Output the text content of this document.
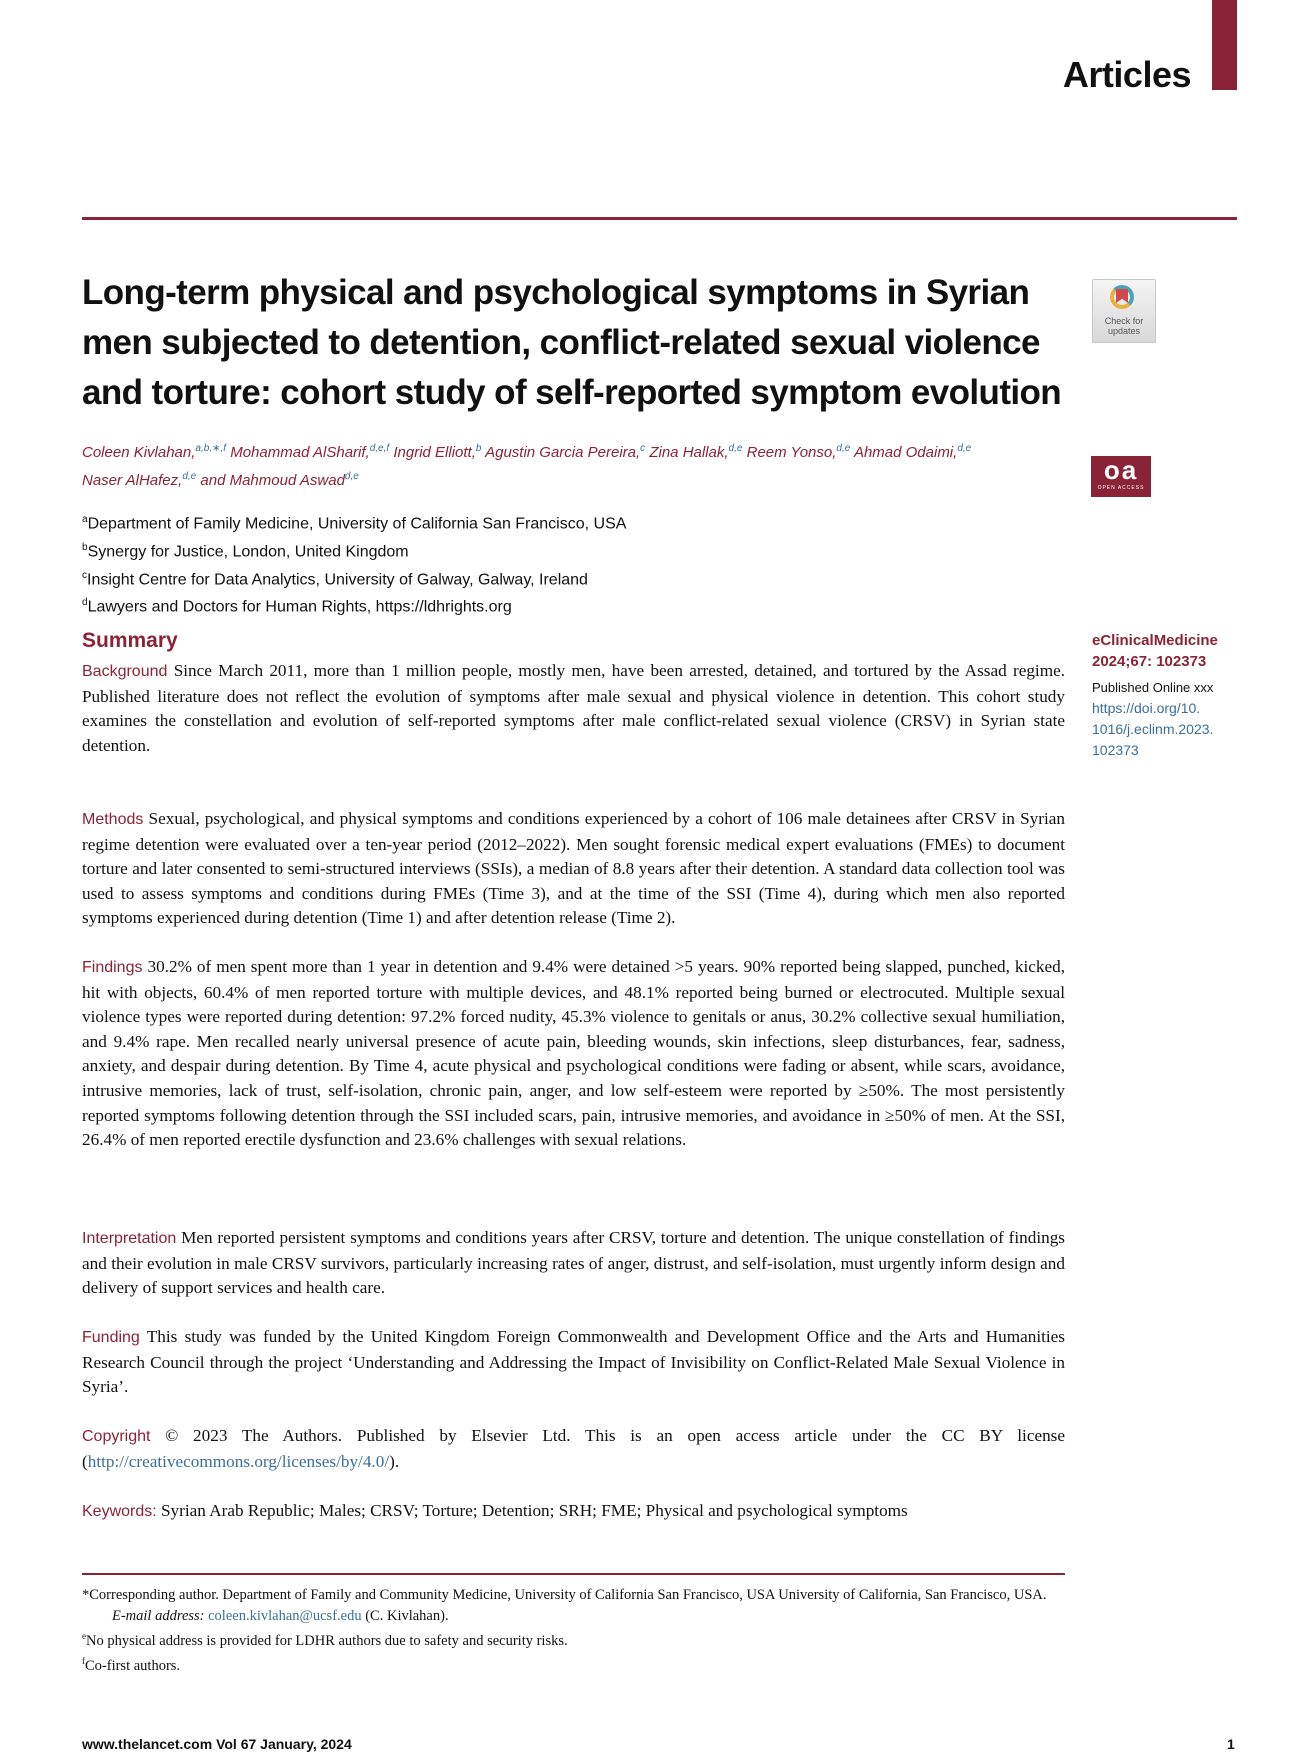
Articles
Long-term physical and psychological symptoms in Syrian
men subjected to detention, conflict-related sexual violence
and torture: cohort study of self-reported symptom evolution
Check for
updates
oa
OPEN ACCESS
Coleen Kivlahan,$^{a,b,∗,f}$ Mohammad AlSharif,$^{d,e,f}$ Ingrid Elliott,$^b$ Agustin Garcia Pereira,$^c$ Zina Hallak,$^{d,e}$ Reem Yonso,$^{d,e}$ Ahmad Odaimi,$^{d,e}$
Naser AlHafez,$^{d,e}$ and Mahmoud Aswad$^{d,e}$
$^a$Department of Family Medicine, University of California San Francisco, USA
$^b$Synergy for Justice, London, United Kingdom
$^c$Insight Centre for Data Analytics, University of Galway, Galway, Ireland
$^d$Lawyers and Doctors for Human Rights, https://ldhrights.org
eClinicalMedicine
2024;67: 102373
Published Online xxx
https://doi.org/10.
1016/j.eclinm.2023.
102373
Summary

Background Since March 2011, more than 1 million people, mostly men, have been arrested, detained, and tortured by the Assad regime. Published literature does not reflect the evolution of symptoms after male sexual and physical violence in detention. This cohort study examines the constellation and evolution of self-reported symptoms after male conflict-related sexual violence (CRSV) in Syrian state detention.

Methods Sexual, psychological, and physical symptoms and conditions experienced by a cohort of 106 male detainees after CRSV in Syrian regime detention were evaluated over a ten-year period (2012–2022). Men sought forensic medical expert evaluations (FMEs) to document torture and later consented to semi-structured interviews (SSIs), a median of 8.8 years after their detention. A standard data collection tool was used to assess symptoms and conditions during FMEs (Time 3), and at the time of the SSI (Time 4), during which men also reported symptoms experienced during detention (Time 1) and after detention release (Time 2).

Findings 30.2% of men spent more than 1 year in detention and 9.4% were detained >5 years. 90% reported being slapped, punched, kicked, hit with objects, 60.4% of men reported torture with multiple devices, and 48.1% reported being burned or electrocuted. Multiple sexual violence types were reported during detention: 97.2% forced nudity, 45.3% violence to genitals or anus, 30.2% collective sexual humiliation, and 9.4% rape. Men recalled nearly universal presence of acute pain, bleeding wounds, skin infections, sleep disturbances, fear, sadness, anxiety, and despair during detention. By Time 4, acute physical and psychological conditions were fading or absent, while scars, avoidance, intrusive memories, lack of trust, self-isolation, chronic pain, anger, and low self-esteem were reported by ≥50%. The most persistently reported symptoms following detention through the SSI included scars, pain, intrusive memories, and avoidance in ≥50% of men. At the SSI, 26.4% of men reported erectile dysfunction and 23.6% challenges with sexual relations.

Interpretation Men reported persistent symptoms and conditions years after CRSV, torture and detention. The unique constellation of findings and their evolution in male CRSV survivors, particularly increasing rates of anger, distrust, and self-isolation, must urgently inform design and delivery of support services and health care.

Funding This study was funded by the United Kingdom Foreign Commonwealth and Development Office and the Arts and Humanities Research Council through the project ‘Understanding and Addressing the Impact of Invisibility on Conflict-Related Male Sexual Violence in Syria’.

Copyright © 2023 The Authors. Published by Elsevier Ltd. This is an open access article under the CC BY license (http://creativecommons.org/licenses/by/4.0/).

Keywords: Syrian Arab Republic; Males; CRSV; Torture; Detention; SRH; FME; Physical and psychological symptoms

*Corresponding author. Department of Family and Community Medicine, University of California San Francisco, USA University of California, San Francisco, USA.

E-mail address: coleen.kivlahan@ucsf.edu (C. Kivlahan).

$^e$No physical address is provided for LDHR authors due to safety and security risks.

$^f$Co-first authors.

www.thelancet.com Vol 67 January, 2024	1
